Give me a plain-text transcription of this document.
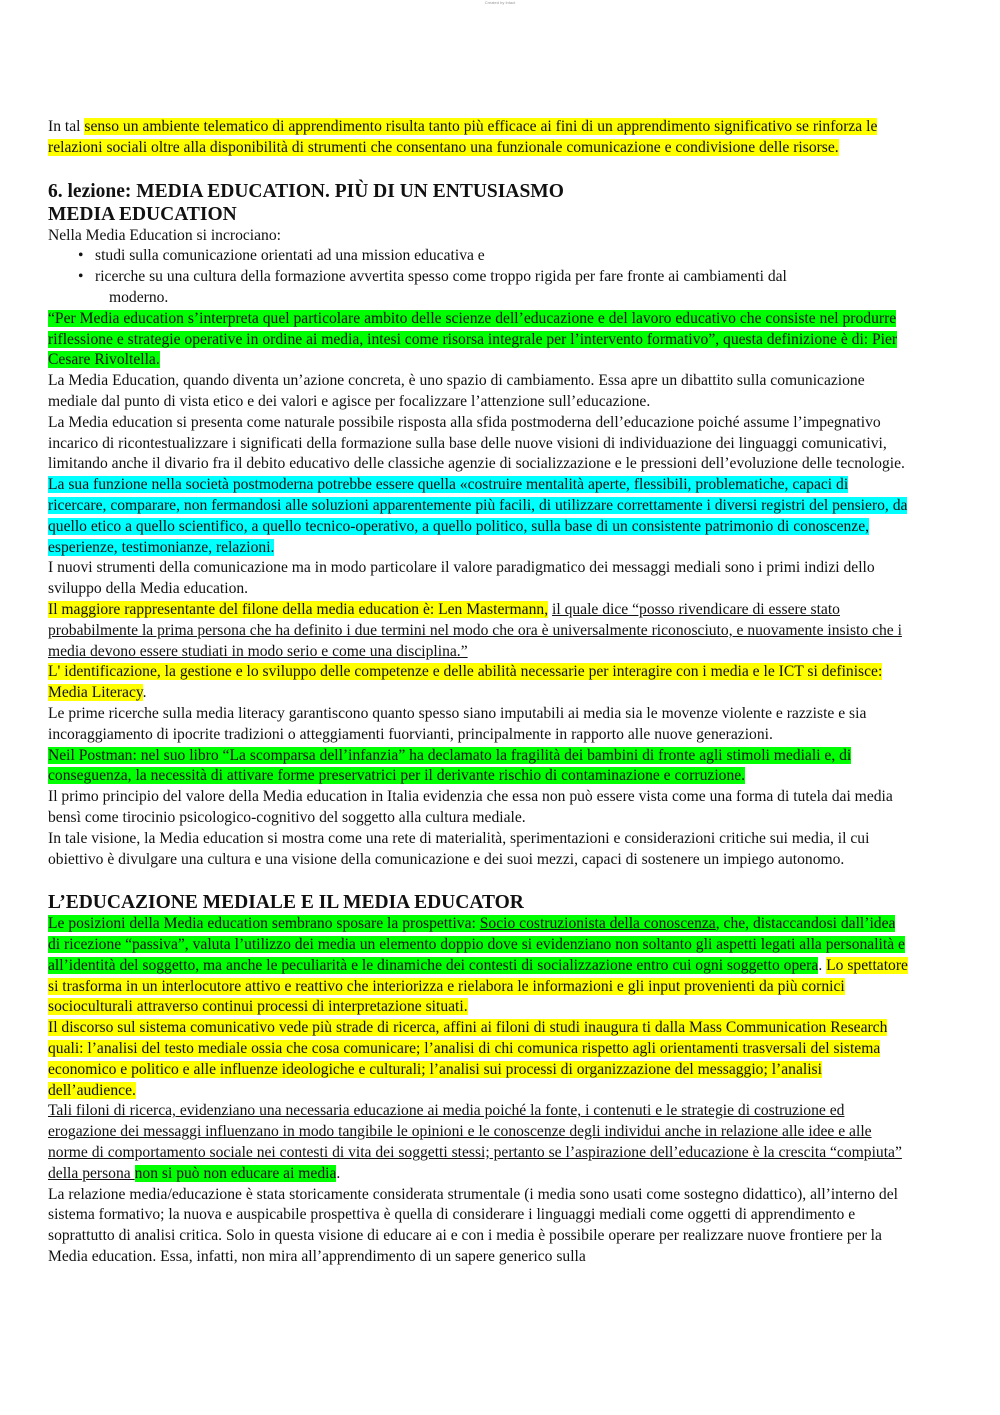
Created by Intact

In tal senso un ambiente telematico di apprendimento risulta tanto più efficace ai fini di un apprendimento significativo se rinforza le relazioni sociali oltre alla disponibilità di strumenti che consentano una funzionale comunicazione e condivisione delle risorse.

6. lezione: MEDIA EDUCATION. PIÙ DI UN ENTUSIASMO
MEDIA EDUCATION

Nella Media Education si incrociano:

• studi sulla comunicazione orientati ad una mission educativa e
• ricerche su una cultura della formazione avvertita spesso come troppo rigida per fare fronte ai cambiamenti dal
moderno.

“Per Media education s’interpreta quel particolare ambito delle scienze dell’educazione e del lavoro educativo che consiste nel produrre riflessione e strategie operative in ordine ai media, intesi come risorsa integrale per l’intervento formativo”, questa definizione è di: Pier Cesare Rivoltella.

La Media Education, quando diventa un’azione concreta, è uno spazio di cambiamento. Essa apre un dibattito sulla comunicazione mediale dal punto di vista etico e dei valori e agisce per focalizzare l’attenzione sull’educazione.

La Media education si presenta come naturale possibile risposta alla sfida postmoderna dell’educazione poiché assume l’impegnativo incarico di ricontestualizzare i significati della formazione sulla base delle nuove visioni di individuazione dei linguaggi comunicativi, limitando anche il divario fra il debito educativo delle classiche agenzie di socializzazione e le pressioni dell’evoluzione delle tecnologie. La sua funzione nella società postmoderna potrebbe essere quella «costruire mentalità aperte, flessibili, problematiche, capaci di ricercare, comparare, non fermandosi alle soluzioni apparentemente più facili, di utilizzare correttamente i diversi registri del pensiero, da quello etico a quello scientifico, a quello tecnico-operativo, a quello politico, sulla base di un consistente patrimonio di conoscenze, esperienze, testimonianze, relazioni.

I nuovi strumenti della comunicazione ma in modo particolare il valore paradigmatico dei messaggi mediali sono i primi indizi dello sviluppo della Media education.

Il maggiore rappresentante del filone della media education è: Len Mastermann, il quale dice “posso rivendicare di essere stato probabilmente la prima persona che ha definito i due termini nel modo che ora è universalmente riconosciuto, e nuovamente insisto che i media devono essere studiati in modo serio e come una disciplina.”

L' identificazione, la gestione e lo sviluppo delle competenze e delle abilità necessarie per interagire con i media e le ICT si definisce: Media Literacy.

Le prime ricerche sulla media literacy garantiscono quanto spesso siano imputabili ai media sia le movenze violente e razziste e sia incoraggiamento di ipocrite tradizioni o atteggiamenti fuorvianti, principalmente in rapporto alle nuove generazioni.

Neil Postman: nel suo libro “La scomparsa dell’infanzia” ha declamato la fragilità dei bambini di fronte agli stimoli mediali e, di conseguenza, la necessità di attivare forme preservatrici per il derivante rischio di contaminazione e corruzione.

Il primo principio del valore della Media education in Italia evidenzia che essa non può essere vista come una forma di tutela dai media bensì come tirocinio psicologico-cognitivo del soggetto alla cultura mediale.

In tale visione, la Media education si mostra come una rete di materialità, sperimentazioni e considerazioni critiche sui media, il cui obiettivo è divulgare una cultura e una visione della comunicazione e dei suoi mezzi, capaci di sostenere un impiego autonomo.

L’EDUCAZIONE MEDIALE E IL MEDIA EDUCATOR

Le posizioni della Media education sembrano sposare la prospettiva: Socio costruzionista della conoscenza, che, distaccandosi dall’idea di ricezione “passiva”, valuta l’utilizzo dei media un elemento doppio dove si evidenziano non soltanto gli aspetti legati alla personalità e all’identità del soggetto, ma anche le peculiarità e le dinamiche dei contesti di socializzazione entro cui ogni soggetto opera. Lo spettatore si trasforma in un interlocutore attivo e reattivo che interiorizza e rielabora le informazioni e gli input provenienti da più cornici socioculturali attraverso continui processi di interpretazione situati.

Il discorso sul sistema comunicativo vede più strade di ricerca, affini ai filoni di studi inaugura ti dalla Mass Communication Research quali: l’analisi del testo mediale ossia che cosa comunicare; l’analisi di chi comunica rispetto agli orientamenti trasversali del sistema economico e politico e alle influenze ideologiche e culturali; l’analisi sui processi di organizzazione del messaggio; l’analisi dell’audience.

Tali filoni di ricerca, evidenziano una necessaria educazione ai media poiché la fonte, i contenuti e le strategie di costruzione ed erogazione dei messaggi influenzano in modo tangibile le opinioni e le conoscenze degli individui anche in relazione alle idee e alle norme di comportamento sociale nei contesti di vita dei soggetti stessi; pertanto se l’aspirazione dell’educazione è la crescita “compiuta” della persona non si può non educare ai media.

La relazione media/educazione è stata storicamente considerata strumentale (i media sono usati come sostegno didattico), all’interno del sistema formativo; la nuova e auspicabile prospettiva è quella di considerare i linguaggi mediali come oggetti di apprendimento e soprattutto di analisi critica. Solo in questa visione di educare ai e con i media è possibile operare per realizzare nuove frontiere per la Media education. Essa, infatti, non mira all’apprendimento di un sapere generico sulla
